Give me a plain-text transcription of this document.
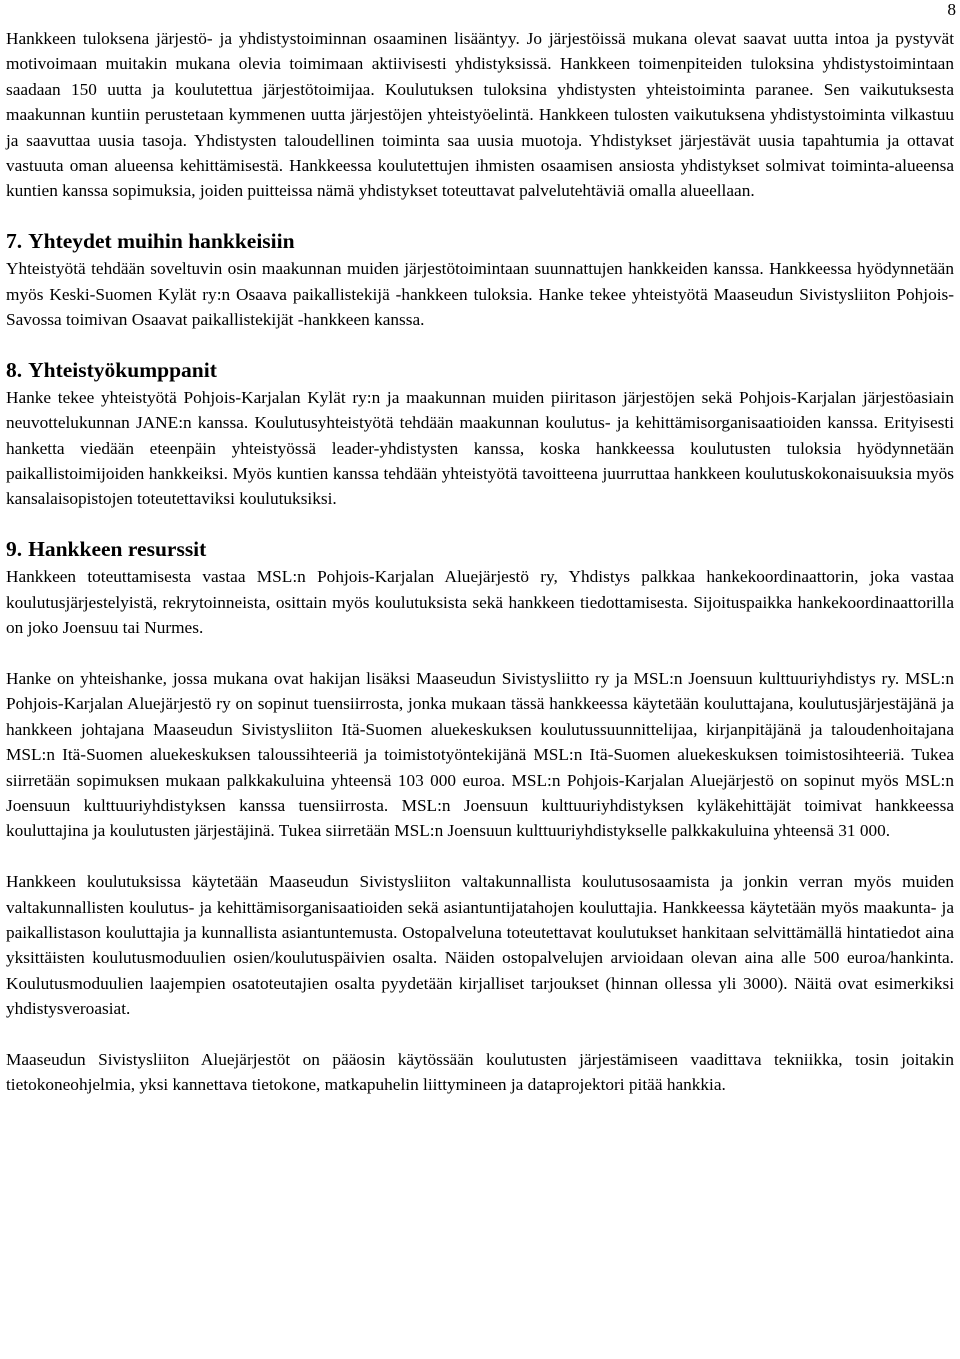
8

Hankkeen tuloksena järjestö- ja yhdistystoiminnan osaaminen lisääntyy. Jo järjestöissä mukana olevat saavat uutta intoa ja pystyvät motivoimaan muitakin mukana olevia toimimaan aktiivisesti yhdistyksissä. Hankkeen toimenpiteiden tuloksina yhdistystoimintaan saadaan 150 uutta ja koulutettua järjestötoimijaa. Koulutuksen tuloksina yhdistysten yhteistoiminta paranee. Sen vaikutuksesta maakunnan kuntiin perustetaan kymmenen uutta järjestöjen yhteistyöelintä. Hankkeen tulosten vaikutuksena yhdistystoiminta vilkastuu ja saavuttaa uusia tasoja. Yhdistysten taloudellinen toiminta saa uusia muotoja. Yhdistykset järjestävät uusia tapahtumia ja ottavat vastuuta oman alueensa kehittämisestä. Hankkeessa koulutettujen ihmisten osaamisen ansiosta yhdistykset solmivat toiminta-alueensa kuntien kanssa sopimuksia, joiden puitteissa nämä yhdistykset toteuttavat palvelutehtäviä omalla alueellaan.

7. Yhteydet muihin hankkeisiin

Yhteistyötä tehdään soveltuvin osin maakunnan muiden järjestötoimintaan suunnattujen hankkeiden kanssa. Hankkeessa hyödynnetään myös Keski-Suomen Kylät ry:n Osaava paikallistekijä -hankkeen tuloksia. Hanke tekee yhteistyötä Maaseudun Sivistysliiton Pohjois-Savossa toimivan Osaavat paikallistekijät -hankkeen kanssa.

8. Yhteistyökumppanit

Hanke tekee yhteistyötä Pohjois-Karjalan Kylät ry:n ja maakunnan muiden piiritason järjestöjen sekä Pohjois-Karjalan järjestöasiain neuvottelukunnan JANE:n kanssa. Koulutusyhteistyötä tehdään maakunnan koulutus- ja kehittämisorganisaatioiden kanssa. Erityisesti hanketta viedään eteenpäin yhteistyössä leader-yhdistysten kanssa, koska hankkeessa koulutusten tuloksia hyödynnetään paikallistoimijoiden hankkeiksi. Myös kuntien kanssa tehdään yhteistyötä tavoitteena juurruttaa hankkeen koulutuskokonaisuuksia myös kansalaisopistojen toteutettaviksi koulutuksiksi.

9. Hankkeen resurssit

Hankkeen toteuttamisesta vastaa MSL:n Pohjois-Karjalan Aluejärjestö ry, Yhdistys palkkaa hankekoordinaattorin, joka vastaa koulutusjärjestelyistä, rekrytoinneista, osittain myös koulutuksista sekä hankkeen tiedottamisesta. Sijoituspaikka hankekoordinaattorilla on joko Joensuu tai Nurmes.

Hanke on yhteishanke, jossa mukana ovat hakijan lisäksi Maaseudun Sivistysliitto ry ja MSL:n Joensuun kulttuuriyhdistys ry. MSL:n Pohjois-Karjalan Aluejärjestö ry on sopinut tuensiirrosta, jonka mukaan tässä hankkeessa käytetään kouluttajana, koulutusjärjestäjänä ja hankkeen johtajana Maaseudun Sivistysliiton Itä-Suomen aluekeskuksen koulutussuunnittelijaa, kirjanpitäjänä ja taloudenhoitajana MSL:n Itä-Suomen aluekeskuksen taloussihteeriä ja toimistotyöntekijänä MSL:n Itä-Suomen aluekeskuksen toimistosihteeriä. Tukea siirretään sopimuksen mukaan palkkakuluina yhteensä 103 000 euroa. MSL:n Pohjois-Karjalan Aluejärjestö on sopinut myös MSL:n Joensuun kulttuuriyhdistyksen kanssa tuensiirrosta. MSL:n Joensuun kulttuuriyhdistyksen kyläkehittäjät toimivat hankkeessa kouluttajina ja koulutusten järjestäjinä. Tukea siirretään MSL:n Joensuun kulttuuriyhdistykselle palkkakuluina yhteensä 31 000.

Hankkeen koulutuksissa käytetään Maaseudun Sivistysliiton valtakunnallista koulutusosaamista ja jonkin verran myös muiden valtakunnallisten koulutus- ja kehittämisorganisaatioiden sekä asiantuntijatahojen kouluttajia. Hankkeessa käytetään myös maakunta- ja paikallistason kouluttajia ja kunnallista asiantuntemusta. Ostopalveluna toteutettavat koulutukset hankitaan selvittämällä hintatiedot aina yksittäisten koulutusmoduulien osien/koulutuspäivien osalta. Näiden ostopalvelujen arvioidaan olevan aina alle 500 euroa/hankinta. Koulutusmoduulien laajempien osatoteutajien osalta pyydetään kirjalliset tarjoukset (hinnan ollessa yli 3000). Näitä ovat esimerkiksi yhdistysveroasiat.

Maaseudun Sivistysliiton Aluejärjestöt on pääosin käytössään koulutusten järjestämiseen vaadittava tekniikka, tosin joitakin tietokoneohjelmia, yksi kannettava tietokone, matkapuhelin liittymineen ja dataprojektori pitää hankkia.
